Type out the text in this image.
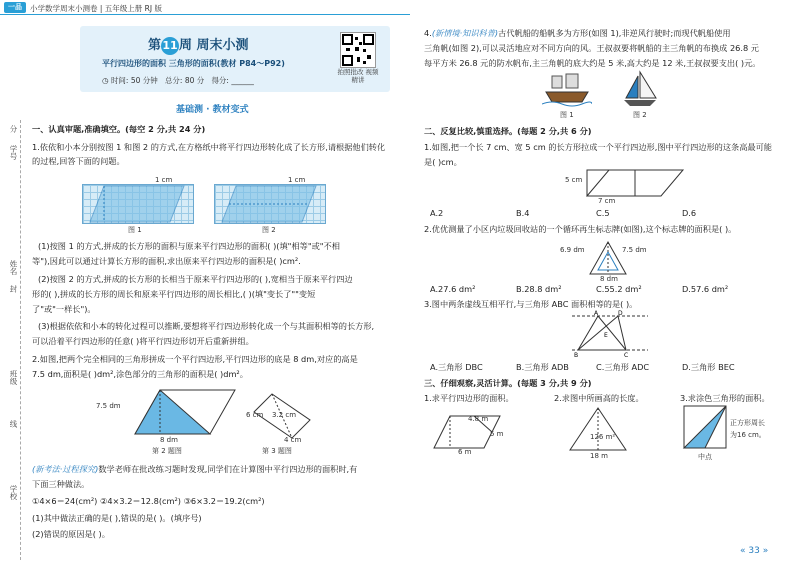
一品	小学数学周末小测卷 | 五年级上册 RJ 版
分
学号
姓名
封
班级
线
学校
第11周 周末小测
平行四边形的面积 三角形的面积(教材 P84～P92)
◷ 时间: 50 分钟 总分: 80 分 得分: ______
拍照批改 视频精讲
基础测 · 教材变式
一、认真审题,准确填空。(每空 2 分,共 24 分)
1.依依和小本分别按图 1 和图 2 的方式,在方格纸中将平行四边形转化成了长方形,请根据他们转化
的过程,回答下面的问题。
1 cm
图 1
1 cm
图 2
(1)按图 1 的方式,拼成的长方形的面积与原来平行四边形的面积( )(填"相等"或"不相
等"),因此可以通过计算长方形的面积,求出原来平行四边形的面积是( )cm².
(2)按图 2 的方式,拼成的长方形的长相当于原来平行四边形的( ),宽相当于原来平行四边
形的( ),拼成的长方形的周长和原来平行四边形的周长相比,( )(填"变长了""变短
了"或"一样长")。
(3)根据依依和小本的转化过程可以推断,要想将平行四边形转化成一个与其面积相等的长方形,
可以沿着平行四边形的任意( )将平行四边形切开后重新拼组。
2.如图,把两个完全相同的三角形拼成一个平行四边形,平行四边形的底是 8 dm,对应的高是
7.5 dm,面积是( )dm²,涂色部分的三角形的面积是( )dm²。
7.5 dm
8 dm
第 2 题图
6 cm 3.2 cm
4 cm
第 3 题图
(新考法·过程探究)数学老师在批改练习题时发现,同学们在计算图中平行四边形的面积时,有
下面三种做法。
①4×6＝24(cm²) ②4×3.2＝12.8(cm²) ③6×3.2＝19.2(cm²)
(1)其中做法正确的是( ),错误的是( )。(填序号)
(2)错误的原因是( )。
4.(新情境·知识科普)古代帆船的船帆多为方形(如图 1),非逆风行驶时;而现代帆船使用
三角帆(如图 2),可以灵活地应对不同方向的风。王叔叔要将帆船的主三角帆的布换成 26.8 元
每平方米 26.8 元的防水帆布,主三角帆的底大约是 5 米,高大约是 12 米,王叔叔要支出( )元。
图 1	图 2
二、反复比较,慎重选择。(每题 2 分,共 6 分)
1.如图,把一个长 7 cm、宽 5 cm 的长方形拉成一个平行四边形,图中平行四边形的这条高最可能
是( )cm。
5 cm
7 cm
A.2	B.4	C.5	D.6
2.优优测量了小区内垃圾回收站的一个循环再生标志牌(如图),这个标志牌的面积是( )。
6.9 dm	7.5 dm
8 dm
A.27.6 dm²	B.28.8 dm²	C.55.2 dm²	D.57.6 dm²
3.图中两条虚线互相平行,与三角形 ABC 面积相等的是( )。
A	D
B	C
E
A.三角形 DBC	B.三角形 ADB	C.三角形 ADC	D.三角形 BEC
三、仔细观察,灵活计算。(每题 3 分,共 9 分)
1.求平行四边形的面积。	2.求图中所画高的长度。	3.求涂色三角形的面积。
4.8 m
5 m
6 m
126 m²
18 m
正方形周长
为16 cm。
中点
« 33 »
